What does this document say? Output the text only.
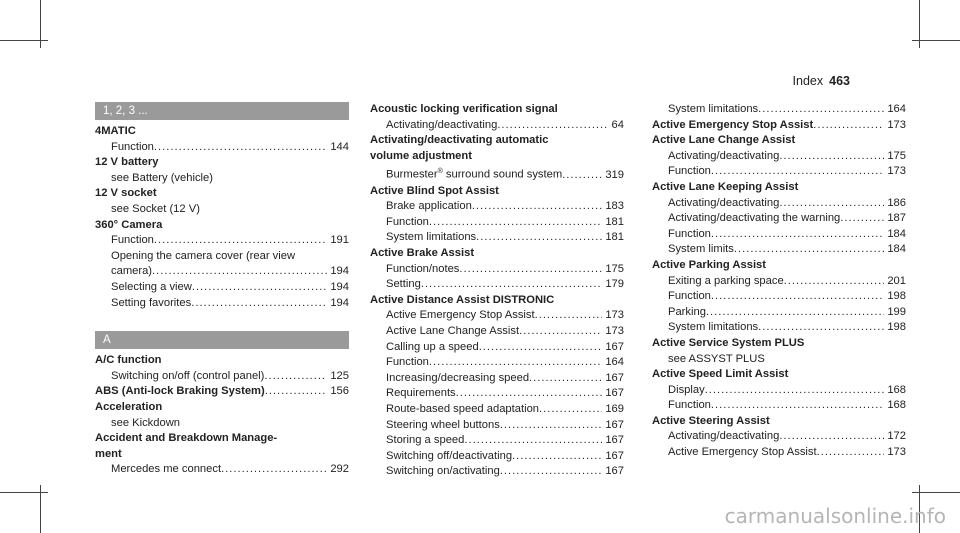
Index 463
1, 2, 3 ...
4MATIC
Function .....	144
12 V battery
see Battery (vehicle)
12 V socket
see Socket (12 V)
360° Camera
Function .....	191
Opening the camera cover (rear view
camera) .....	194
Selecting a view .....	194
Setting favorites .....	194
A
A/C function
Switching on/off (control panel) .....	125
ABS (Anti-lock Braking System) .....	156
Acceleration
see Kickdown
Accident and Breakdown Manage-
ment
Mercedes me connect .....	292
Acoustic locking verification signal
Activating/deactivating .....	64
Activating/deactivating automatic
volume adjustment
Burmester® surround sound system .....	319
Active Blind Spot Assist
Brake application .....	183
Function .....	181
System limitations .....	181
Active Brake Assist
Function/notes .....	175
Setting .....	179
Active Distance Assist DISTRONIC
Active Emergency Stop Assist .....	173
Active Lane Change Assist .....	173
Calling up a speed .....	167
Function .....	164
Increasing/decreasing speed .....	167
Requirements .....	167
Route-based speed adaptation .....	169
Steering wheel buttons .....	167
Storing a speed .....	167
Switching off/deactivating .....	167
Switching on/activating .....	167
System limitations .....	164
Active Emergency Stop Assist .....	173
Active Lane Change Assist
Activating/deactivating .....	175
Function .....	173
Active Lane Keeping Assist
Activating/deactivating .....	186
Activating/deactivating the warning .....	187
Function .....	184
System limits .....	184
Active Parking Assist
Exiting a parking space .....	201
Function .....	198
Parking .....	199
System limitations .....	198
Active Service System PLUS
see ASSYST PLUS
Active Speed Limit Assist
Display .....	168
Function .....	168
Active Steering Assist
Activating/deactivating .....	172
Active Emergency Stop Assist .....	173
carmanualsonline.info
